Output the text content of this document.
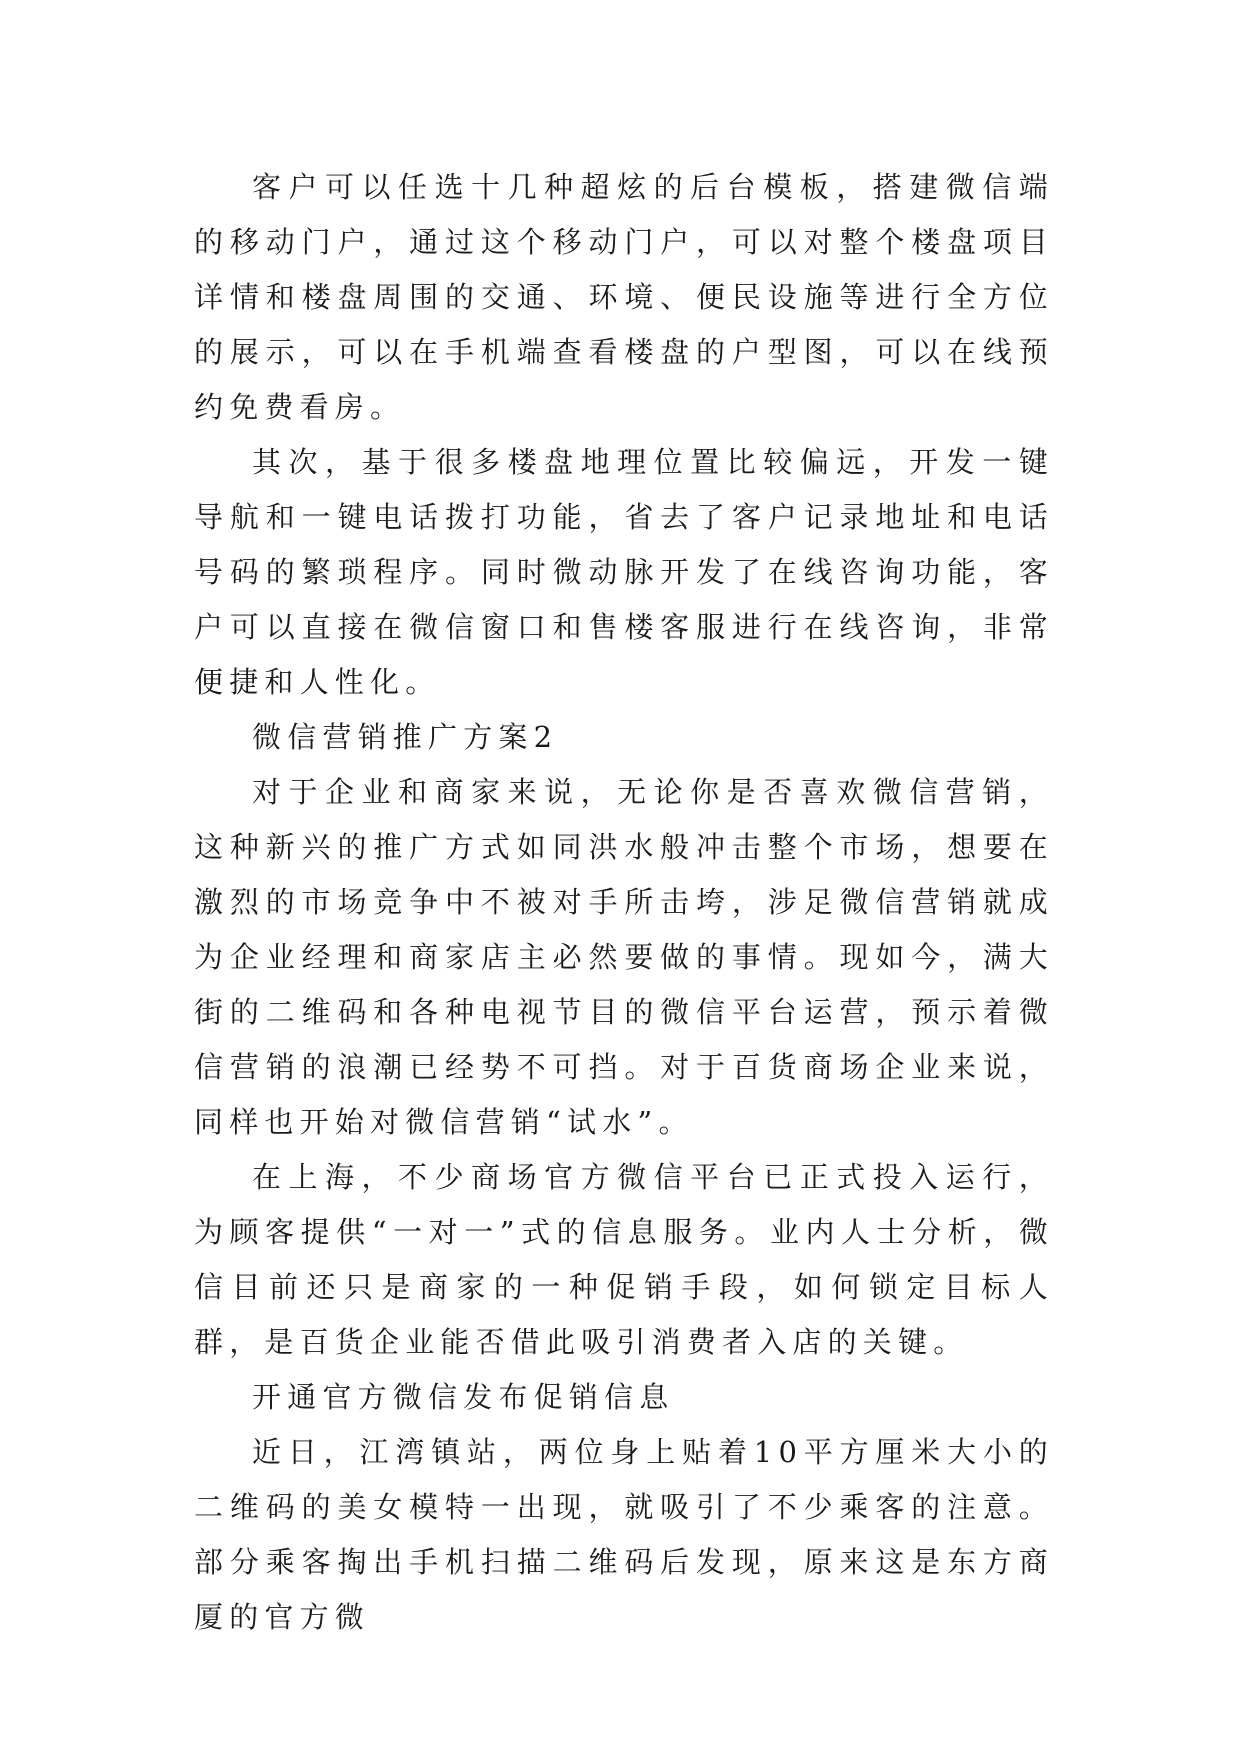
客户可以任选十几种超炫的后台模板，搭建微信端的移动门户，通过这个移动门户，可以对整个楼盘项目详情和楼盘周围的交通、环境、便民设施等进行全方位的展示，可以在手机端查看楼盘的户型图，可以在线预约免费看房。

其次，基于很多楼盘地理位置比较偏远，开发一键导航和一键电话拨打功能，省去了客户记录地址和电话号码的繁琐程序。同时微动脉开发了在线咨询功能，客户可以直接在微信窗口和售楼客服进行在线咨询，非常便捷和人性化。

微信营销推广方案2

对于企业和商家来说，无论你是否喜欢微信营销，这种新兴的推广方式如同洪水般冲击整个市场，想要在激烈的市场竞争中不被对手所击垮，涉足微信营销就成为企业经理和商家店主必然要做的事情。现如今，满大街的二维码和各种电视节目的微信平台运营，预示着微信营销的浪潮已经势不可挡。对于百货商场企业来说，同样也开始对微信营销“试水”。

在上海，不少商场官方微信平台已正式投入运行，为顾客提供“一对一”式的信息服务。业内人士分析，微信目前还只是商家的一种促销手段，如何锁定目标人群，是百货企业能否借此吸引消费者入店的关键。

开通官方微信发布促销信息

近日，江湾镇站，两位身上贴着10平方厘米大小的二维码的美女模特一出现，就吸引了不少乘客的注意。部分乘客掏出手机扫描二维码后发现，原来这是东方商厦的官方微
